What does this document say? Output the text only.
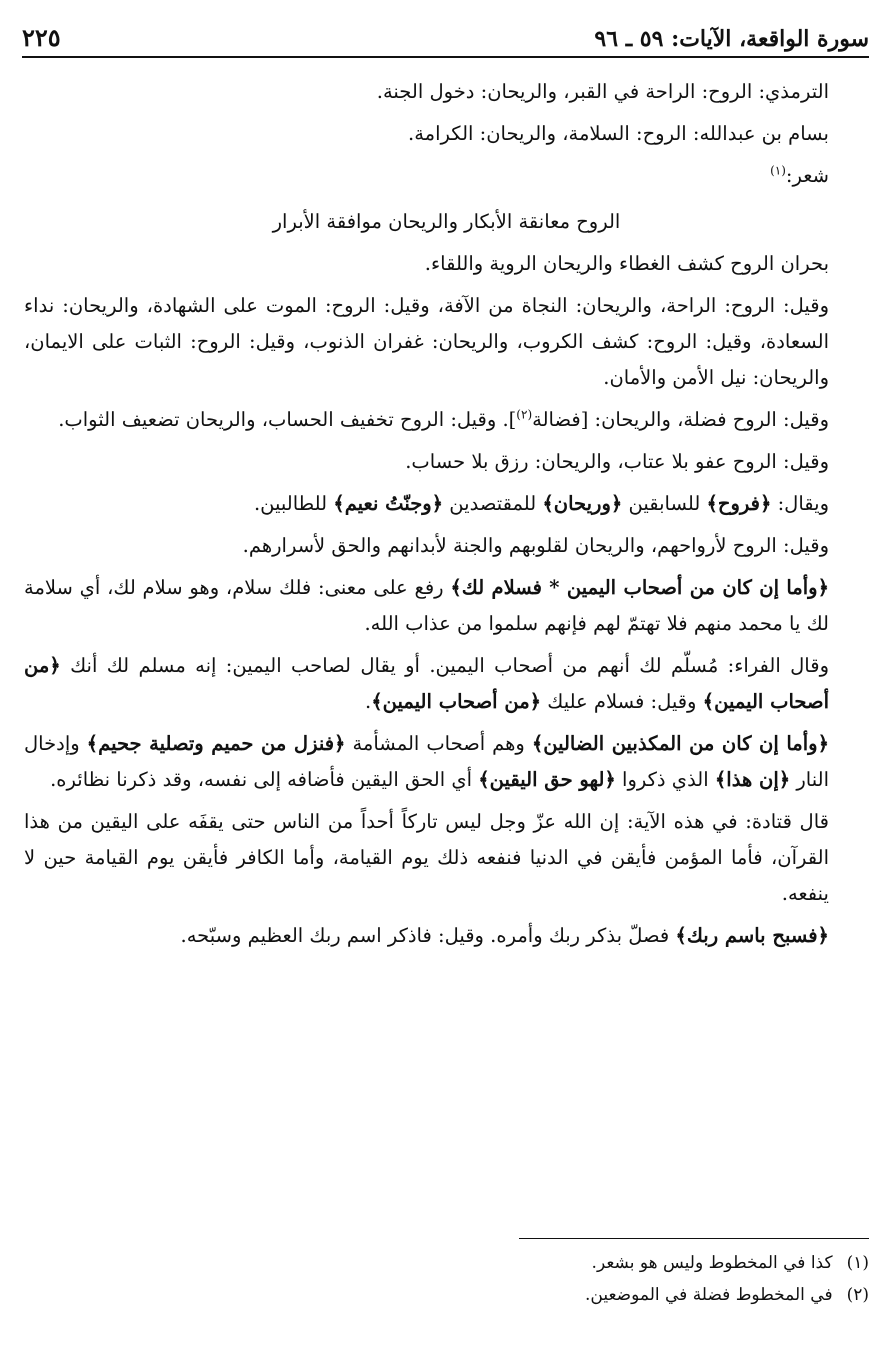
سورة الواقعة، الآيات: ٥٩ ـ ٩٦
٢٢٥

الترمذي: الروح: الراحة في القبر، والريحان: دخول الجنة.

بسام بن عبدالله: الروح: السلامة، والريحان: الكرامة.

شعر:$^{(١)}$

الروح معانقة الأبكار والريحان موافقة الأبرار

بحران الروح كشف الغطاء والريحان الروية واللقاء.

وقيل: الروح: الراحة، والريحان: النجاة من الآفة، وقيل: الروح: الموت على الشهادة، والريحان: نداء السعادة، وقيل: الروح: كشف الكروب، والريحان: غفران الذنوب، وقيل: الروح: الثبات على الايمان، والريحان: نيل الأمن والأمان.

وقيل: الروح فضلة، والريحان: [فضالة$^{(٢)}$]. وقيل: الروح تخفيف الحساب، والريحان تضعيف الثواب.

وقيل: الروح عفو بلا عتاب، والريحان: رزق بلا حساب.

ويقال: ﴿فروح﴾ للسابقين ﴿وريحان﴾ للمقتصدين ﴿وجنّتُ نعيم﴾ للطالبين.

وقيل: الروح لأرواحهم، والريحان لقلوبهم والجنة لأبدانهم والحق لأسرارهم.

﴿وأما إن كان من أصحاب اليمين * فسلام لك﴾ رفع على معنى: فلك سلام، وهو سلام لك، أي سلامة لك يا محمد منهم فلا تهتمّ لهم فإنهم سلموا من عذاب الله.

وقال الفراء: مُسلّم لك أنهم من أصحاب اليمين. أو يقال لصاحب اليمين: إنه مسلم لك أنك ﴿من أصحاب اليمين﴾ وقيل: فسلام عليك ﴿من أصحاب اليمين﴾.

﴿وأما إن كان من المكذبين الضالين﴾ وهم أصحاب المشأمة ﴿فنزل من حميم وتصلية جحيم﴾ وإدخال النار ﴿إن هذا﴾ الذي ذكروا ﴿لهو حق اليقين﴾ أي الحق اليقين فأضافه إلى نفسه، وقد ذكرنا نظائره.

قال قتادة: في هذه الآية: إن الله عزّ وجل ليس تاركاً أحداً من الناس حتى يقفَه على اليقين من هذا القرآن، فأما المؤمن فأيقن في الدنيا فنفعه ذلك يوم القيامة، وأما الكافر فأيقن يوم القيامة حين لا ينفعه.

﴿فسبح باسم ربك﴾ فصلّ بذكر ربك وأمره. وقيل: فاذكر اسم ربك العظيم وسبّحه.

(١)كذا في المخطوط وليس هو بشعر.

(٢)في المخطوط فضلة في الموضعين.
